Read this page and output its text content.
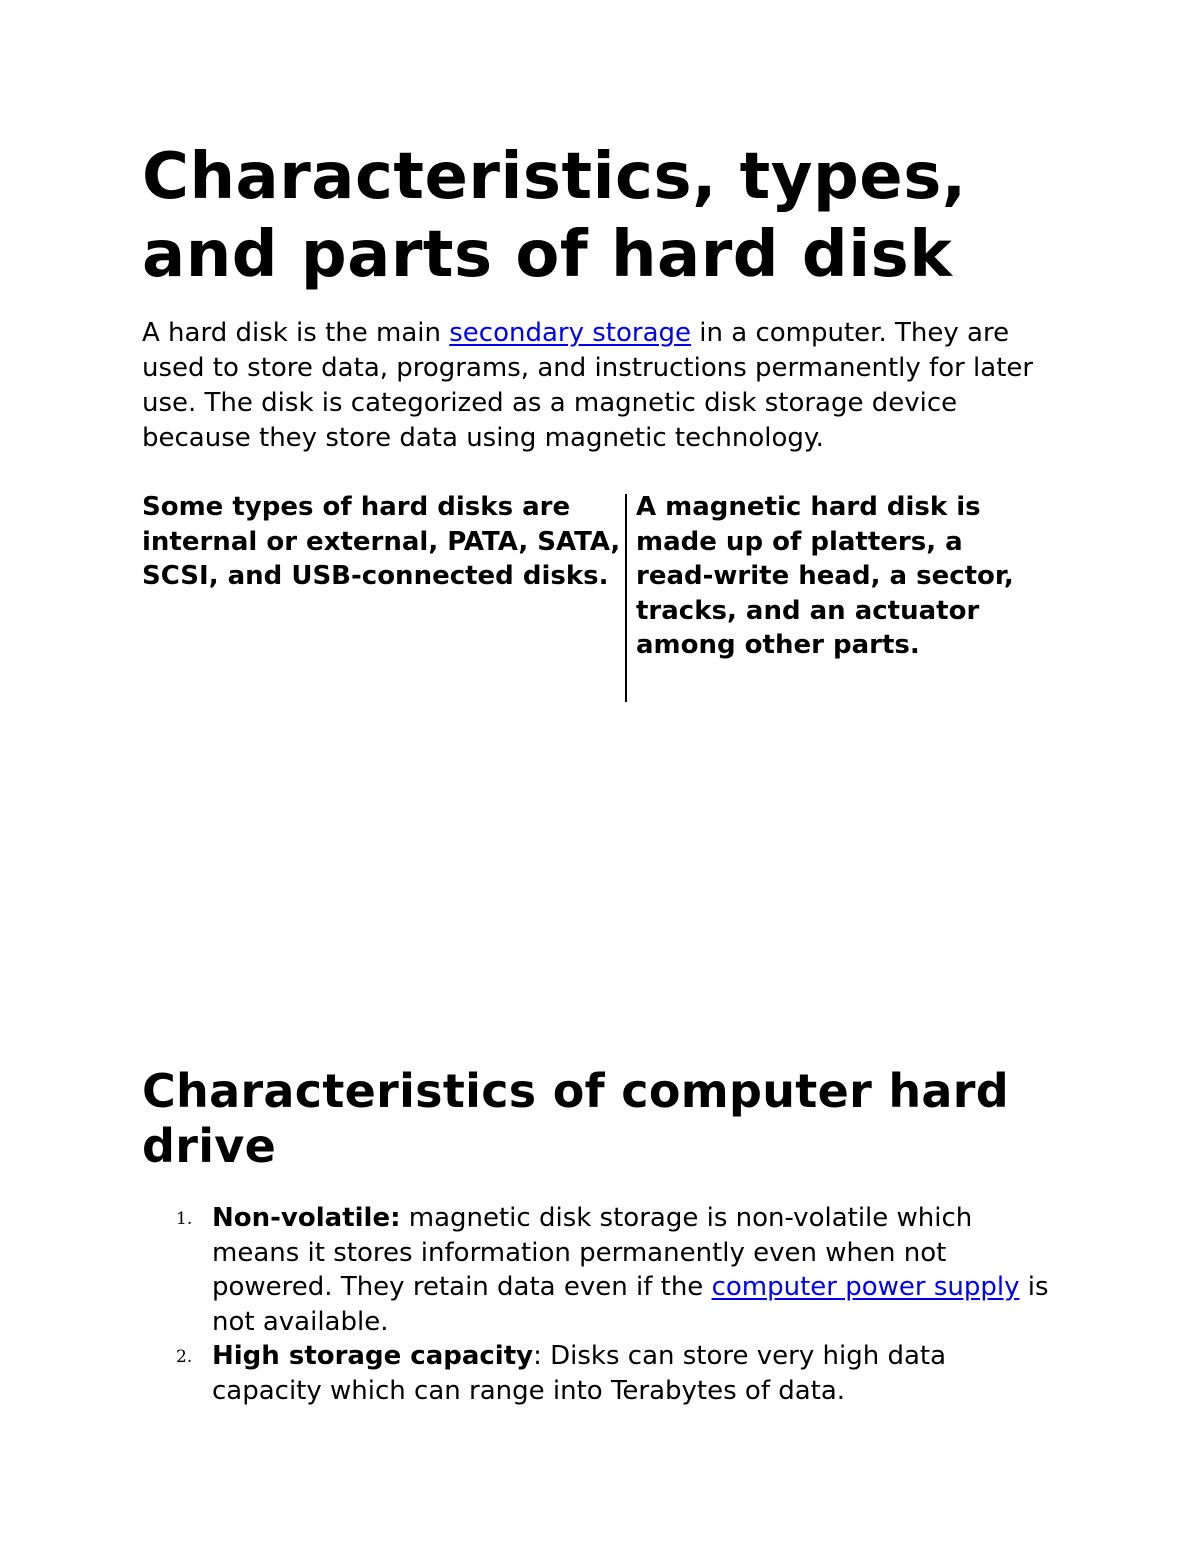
Characteristics, types, and parts of hard disk

A hard disk is the main secondary storage in a computer. They are used to store data, programs, and instructions permanently for later use. The disk is categorized as a magnetic disk storage device because they store data using magnetic technology.

Some types of hard disks are internal or external, PATA, SATA, SCSI, and USB-connected disks.
A magnetic hard disk is made up of platters, a read-write head, a sector, tracks, and an actuator among other parts.
Characteristics of computer hard drive
1. Non-volatile: magnetic disk storage is non-volatile which means it stores information permanently even when not powered. They retain data even if the computer power supply is not available.
2. High storage capacity: Disks can store very high data capacity which can range into Terabytes of data.
